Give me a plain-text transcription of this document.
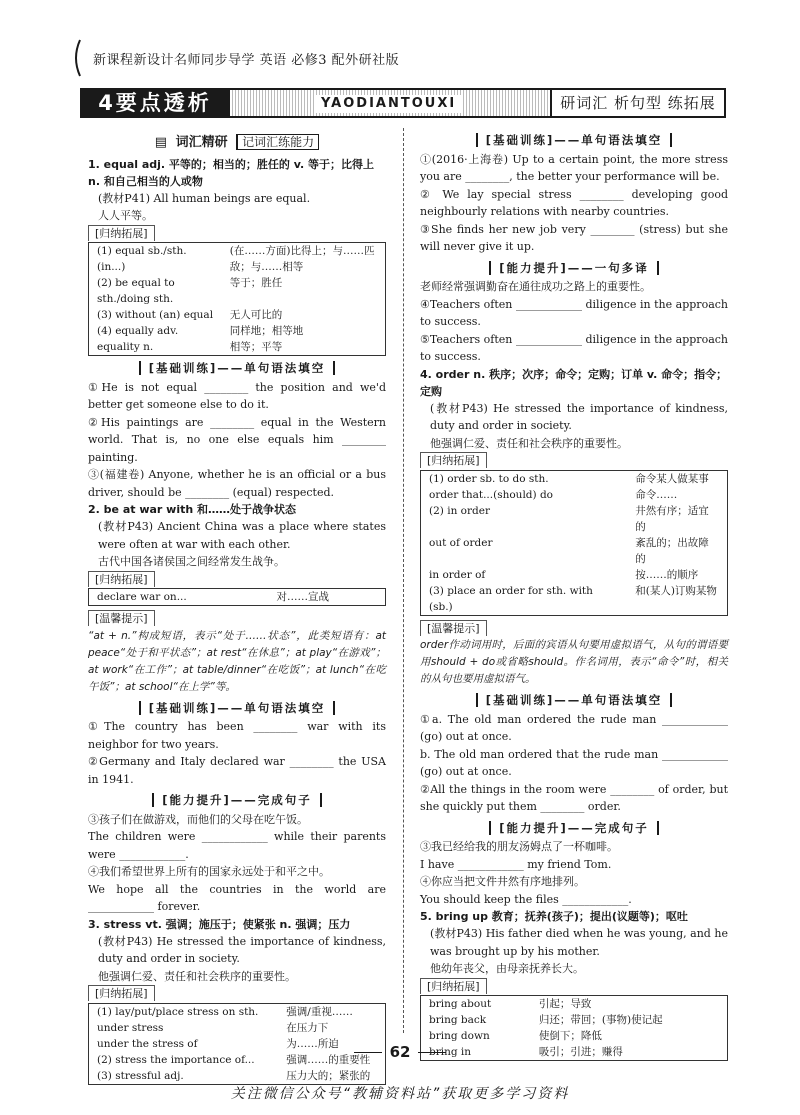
新课程新设计名师同步导学 英语 必修3 配外研社版
4要点透析	YAODIANTOUXI	研词汇 析句型 练拓展
▤ 词汇精研 记词汇练能力

1. equal adj. 平等的；相当的；胜任的 v. 等于；比得上 n. 和自己相当的人或物

(教材P41) All human beings are equal.

人人平等。

[归纳拓展]
(1) equal sb./sth. (in...)	(在……方面)比得上；与……匹敌；与……相等
(2) be equal to sth./doing sth.	等于；胜任
(3) without (an) equal	无人可比的
(4) equally adv.	同样地；相等地
equality n.	相等；平等

[基础训练]——单句语法填空

①He is not equal ________ the position and we'd better get someone else to do it.

②His paintings are ________ equal in the Western world. That is, no one else equals him ________ painting.

③(福建卷) Anyone, whether he is an official or a bus driver, should be ________ (equal) respected.

2. be at war with 和……处于战争状态

(教材P43) Ancient China was a place where states were often at war with each other.

古代中国各诸侯国之间经常发生战争。

[归纳拓展]
declare war on...	对……宣战
[温馨提示]

“at + n.”构成短语，表示“处于……状态”，此类短语有：at peace“处于和平状态”；at rest“在休息”；at play“在游戏”；at work“在工作”；at table/dinner“在吃饭”；at lunch“在吃午饭”；at school“在上学”等。

[基础训练]——单句语法填空

①The country has been ________ war with its neighbor for two years.

②Germany and Italy declared war ________ the USA in 1941.

[能力提升]——完成句子

③孩子们在做游戏，而他们的父母在吃午饭。

The children were ____________ while their parents were ____________.

④我们希望世界上所有的国家永远处于和平之中。

We hope all the countries in the world are ____________ forever.

3. stress vt. 强调；施压于；使紧张 n. 强调；压力

(教材P43) He stressed the importance of kindness, duty and order in society.

他强调仁爱、责任和社会秩序的重要性。

[归纳拓展]
(1) lay/put/place stress on sth.	强调/重视……
under stress	在压力下
under the stress of	为……所迫
(2) stress the importance of...	强调……的重要性
(3) stressful adj.	压力大的；紧张的

[基础训练]——单句语法填空

①(2016·上海卷) Up to a certain point, the more stress you are ________, the better your performance will be.

② We lay special stress ________ developing good neighbourly relations with nearby countries.

③She finds her new job very ________ (stress) but she will never give it up.

[能力提升]——一句多译

老师经常强调勤奋在通往成功之路上的重要性。

④Teachers often ____________ diligence in the approach to success.

⑤Teachers often ____________ diligence in the approach to success.

4. order n. 秩序；次序；命令；定购；订单 v. 命令；指令；定购

(教材P43) He stressed the importance of kindness, duty and order in society.

他强调仁爱、责任和社会秩序的重要性。

[归纳拓展]
(1) order sb. to do sth.	命令某人做某事
order that...(should) do	命令……
(2) in order	井然有序；适宜的
out of order	紊乱的；出故障的
in order of	按……的顺序
(3) place an order for sth. with (sb.)	和(某人)订购某物
[温馨提示]

order作动词用时，后面的宾语从句要用虚拟语气，从句的谓语要用should + do或省略should。作名词用，表示“命令”时，相关的从句也要用虚拟语气。

[基础训练]——单句语法填空

①a. The old man ordered the rude man ____________ (go) out at once.

b. The old man ordered that the rude man ____________ (go) out at once.

②All the things in the room were ________ of order, but she quickly put them ________ order.

[能力提升]——完成句子

③我已经给我的朋友汤姆点了一杯咖啡。

I have ____________ my friend Tom.

④你应当把文件井然有序地排列。

You should keep the files ____________.

5. bring up 教育；抚养(孩子)；提出(议题等)；呕吐

(教材P43) His father died when he was young, and he was brought up by his mother.

他幼年丧父，由母亲抚养长大。

[归纳拓展]
bring about	引起；导致
bring back	归还；带回；(事物)使记起
bring down	使倒下；降低
bring in	吸引；引进；赚得
62
关注微信公众号“教辅资料站”获取更多学习资料
